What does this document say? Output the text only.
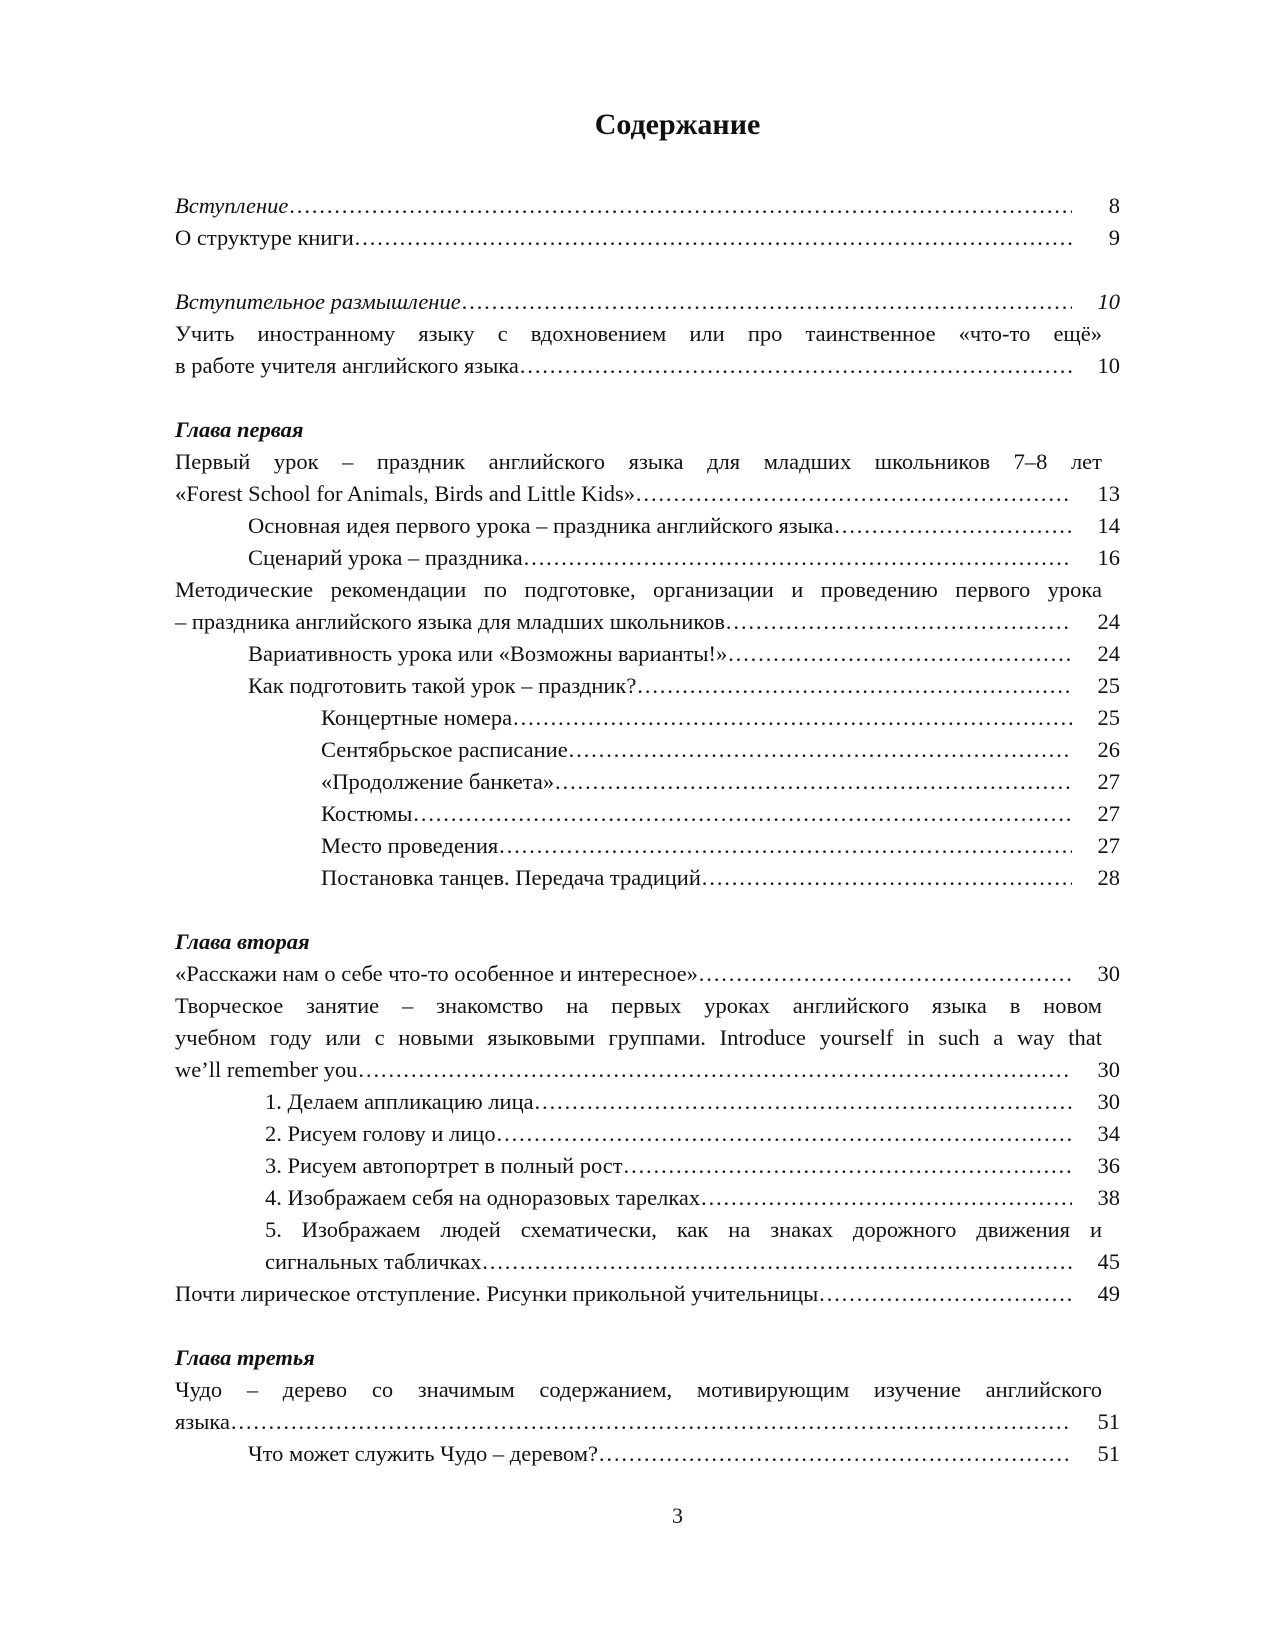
Содержание
Вступление ……………………………………………………………………………………………………………………………………………………………………………………………………………………	8
О структуре книги ……………………………………………………………………………………………………………………………………………………………………………………………………………………	9
Вступительное размышление ……………………………………………………………………………………………………………………………………………………………………………………………………………………	10
Учить иностранному языку с вдохновением или про таинственное «что-то ещё»
в работе учителя английского языка ……………………………………………………………………………………………………………………………………………………………………………………………………………………	10
Глава первая
Первый урок – праздник английского языка для младших школьников 7–8 лет
«Forest School for Animals, Birds and Little Kids» ……………………………………………………………………………………………………………………………………………………………………………………………………………………	13
Основная идея первого урока – праздника английского языка ……………………………………………………………………………………………………………………………………………………………………………………………………………………	14
Сценарий урока – праздника ……………………………………………………………………………………………………………………………………………………………………………………………………………………	16
Методические рекомендации по подготовке, организации и проведению первого урока
– праздника английского языка для младших школьников ……………………………………………………………………………………………………………………………………………………………………………………………………………………	24
Вариативность урока или «Возможны варианты!» ……………………………………………………………………………………………………………………………………………………………………………………………………………………	24
Как подготовить такой урок – праздник? ……………………………………………………………………………………………………………………………………………………………………………………………………………………	25
Концертные номера ……………………………………………………………………………………………………………………………………………………………………………………………………………………	25
Сентябрьское расписание ……………………………………………………………………………………………………………………………………………………………………………………………………………………	26
«Продолжение банкета» ……………………………………………………………………………………………………………………………………………………………………………………………………………………	27
Костюмы ……………………………………………………………………………………………………………………………………………………………………………………………………………………	27
Место проведения ……………………………………………………………………………………………………………………………………………………………………………………………………………………	27
Постановка танцев. Передача традиций ……………………………………………………………………………………………………………………………………………………………………………………………………………………	28
Глава вторая
«Расскажи нам о себе что-то особенное и интересное» ……………………………………………………………………………………………………………………………………………………………………………………………………………………	30
Творческое занятие – знакомство на первых уроках английского языка в новом
учебном году или с новыми языковыми группами. Introduce yourself in such a way that
we’ll remember you ……………………………………………………………………………………………………………………………………………………………………………………………………………………	30
1. Делаем аппликацию лица ……………………………………………………………………………………………………………………………………………………………………………………………………………………	30
2. Рисуем голову и лицо ……………………………………………………………………………………………………………………………………………………………………………………………………………………	34
3. Рисуем автопортрет в полный рост ……………………………………………………………………………………………………………………………………………………………………………………………………………………	36
4. Изображаем себя на одноразовых тарелках ……………………………………………………………………………………………………………………………………………………………………………………………………………………	38
5. Изображаем людей схематически, как на знаках дорожного движения и
сигнальных табличках ……………………………………………………………………………………………………………………………………………………………………………………………………………………	45
Почти лирическое отступление. Рисунки прикольной учительницы ……………………………………………………………………………………………………………………………………………………………………………………………………………………	49
Глава третья
Чудо – дерево со значимым содержанием, мотивирующим изучение английского
языка ……………………………………………………………………………………………………………………………………………………………………………………………………………………	51
Что может служить Чудо – деревом? ……………………………………………………………………………………………………………………………………………………………………………………………………………………	51
3
